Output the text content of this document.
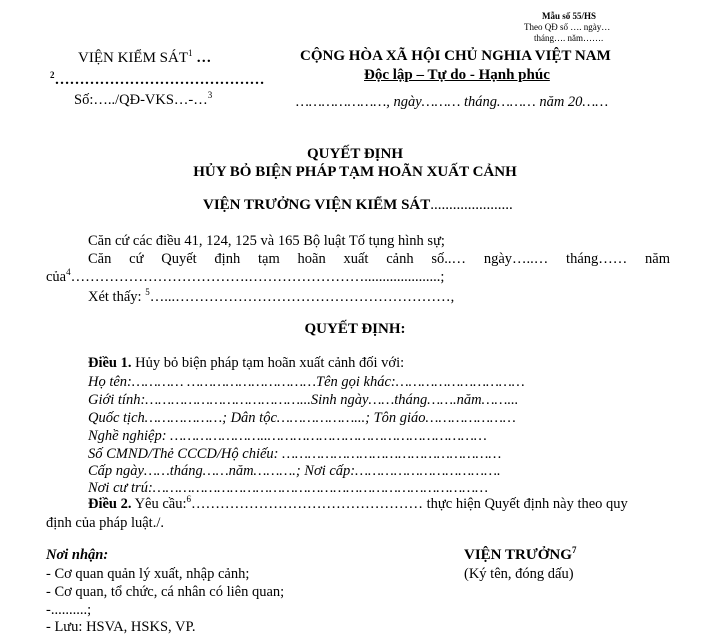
Mẫu số 55/HS
Theo QĐ số …. ngày…
tháng…. năm…….
VIỆN KIỂM SÁT$^1$ …
$^2$……………………………………
Số:…../QĐ-VKS…-…$^3$
CỘNG HÒA XÃ HỘI CHỦ NGHIA VIỆT NAM
Độc lập – Tự do - Hạnh phúc
…………………, ngày……… tháng……… năm 20……
QUYẾT ĐỊNH
HỦY BỎ BIỆN PHÁP TẠM HOÃN XUẤT CẢNH
VIỆN TRƯỞNG VIỆN KIỂM SÁT......................
Căn cứ các điều 41, 124, 125 và 165 Bộ luật Tố tụng hình sự;
Căn cứ Quyết định tạm hoãn xuất cảnh số..… ngày…..… tháng…… năm
của$^4$……………………………….…………………….....................;
Xét thấy: $^5$…...…………………………………………………,
QUYẾT ĐỊNH:
Điều 1. Hủy bỏ biện pháp tạm hoãn xuất cảnh đối với:
Họ tên:………… …………………………Tên gọi khác:…………………………
Giới tính:………………………………...Sinh ngày……tháng…….năm……...
Quốc tịch………………; Dân tộc………………...; Tôn giáo…………………
Nghề nghiệp: …………………..……………………………………………
Số CMND/Thẻ CCCD/Hộ chiếu: ……………………………………………
Cấp ngày……tháng……năm……….; Nơi cấp:…………………………….
Nơi cư trú:……………………………………………………………………
Điều 2. Yêu cầu:$^6$………………………………………… thực hiện Quyết định này theo quy
định của pháp luật./.
Nơi nhận:
- Cơ quan quản lý xuất, nhập cảnh;
- Cơ quan, tổ chức, cá nhân có liên quan;
-..........;
- Lưu: HSVA, HSKS, VP.
VIỆN TRƯỞNG$^7$
(Ký tên, đóng dấu)
